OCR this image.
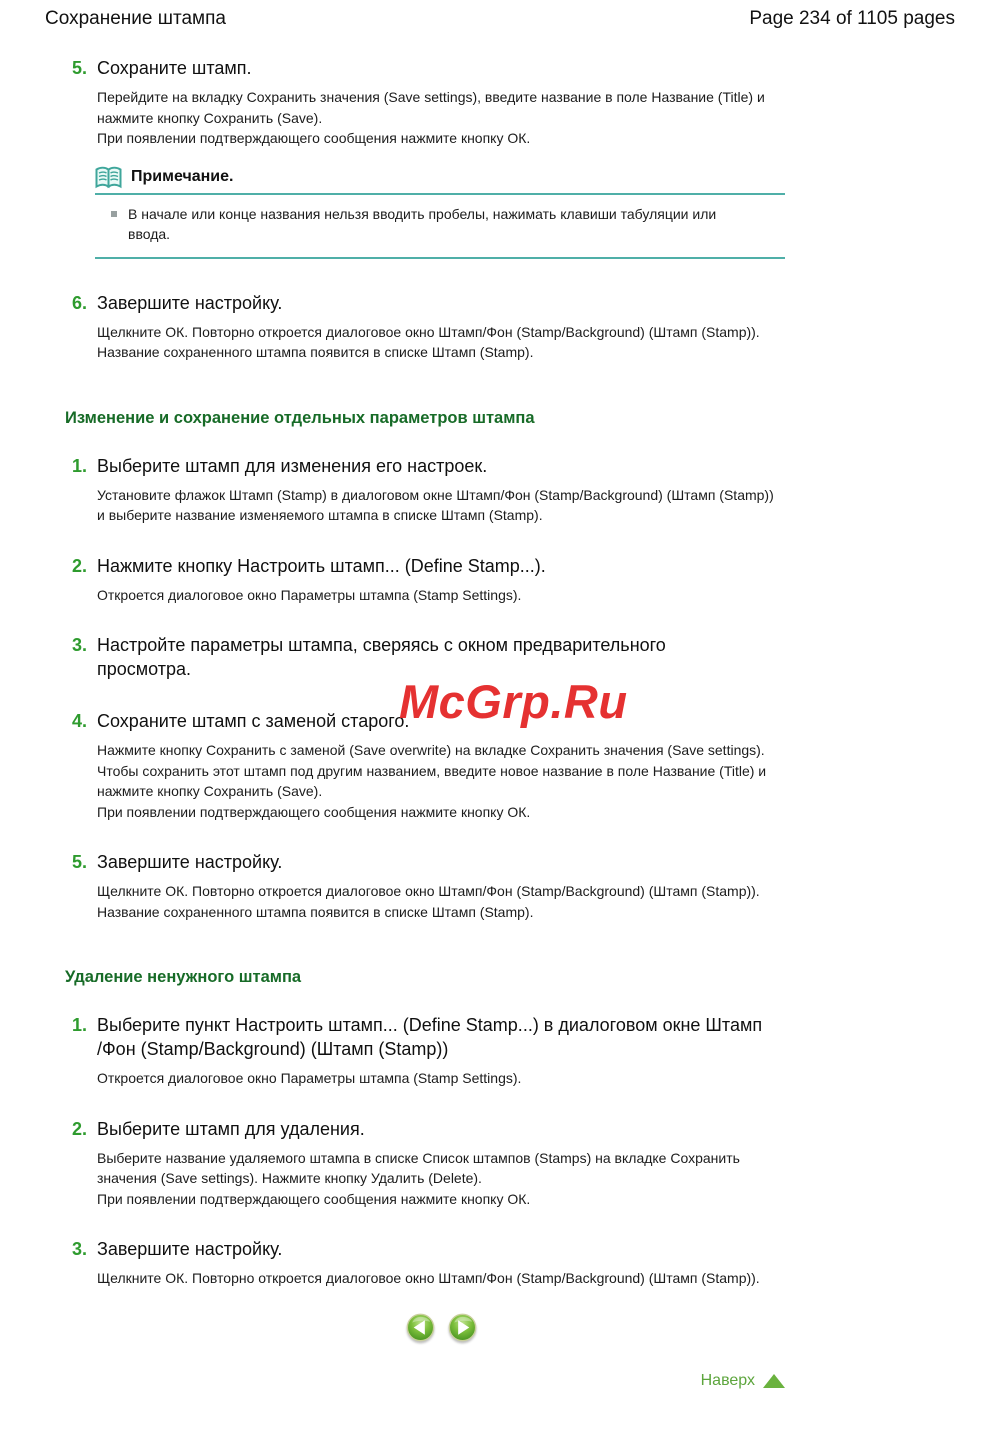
Сохранение штампа	Page 234 of 1105 pages
McGrp.Ru
5. Сохраните штамп.

Перейдите на вкладку Сохранить значения (Save settings), введите название в поле Название (Title) и нажмите кнопку Сохранить (Save).

При появлении подтверждающего сообщения нажмите кнопку ОК.

Примечание.
В начале или конце названия нельзя вводить пробелы, нажимать клавиши табуляции или ввода.
6. Завершите настройку.

Щелкните ОК. Повторно откроется диалоговое окно Штамп/Фон (Stamp/Background) (Штамп (Stamp)).

Название сохраненного штампа появится в списке Штамп (Stamp).

Изменение и сохранение отдельных параметров штампа
1. Выберите штамп для изменения его настроек.

Установите флажок Штамп (Stamp) в диалоговом окне Штамп/Фон (Stamp/Background) (Штамп (Stamp)) и выберите название изменяемого штампа в списке Штамп (Stamp).

2. Нажмите кнопку Настроить штамп... (Define Stamp...).

Откроется диалоговое окно Параметры штампа (Stamp Settings).

3. Настройте параметры штампа, сверяясь с окном предварительного
просмотра.
4. Сохраните штамп с заменой старого.

Нажмите кнопку Сохранить с заменой (Save overwrite) на вкладке Сохранить значения (Save settings).

Чтобы сохранить этот штамп под другим названием, введите новое название в поле Название (Title) и нажмите кнопку Сохранить (Save).

При появлении подтверждающего сообщения нажмите кнопку ОК.

5. Завершите настройку.

Щелкните ОК. Повторно откроется диалоговое окно Штамп/Фон (Stamp/Background) (Штамп (Stamp)).

Название сохраненного штампа появится в списке Штамп (Stamp).

Удаление ненужного штампа
1. Выберите пункт Настроить штамп... (Define Stamp...) в диалоговом окне Штамп
/Фон (Stamp/Background) (Штамп (Stamp))

Откроется диалоговое окно Параметры штампа (Stamp Settings).

2. Выберите штамп для удаления.

Выберите название удаляемого штампа в списке Список штампов (Stamps) на вкладке Сохранить значения (Save settings). Нажмите кнопку Удалить (Delete).

При появлении подтверждающего сообщения нажмите кнопку ОК.

3. Завершите настройку.

Щелкните ОК. Повторно откроется диалоговое окно Штамп/Фон (Stamp/Background) (Штамп (Stamp)).

Наверх
